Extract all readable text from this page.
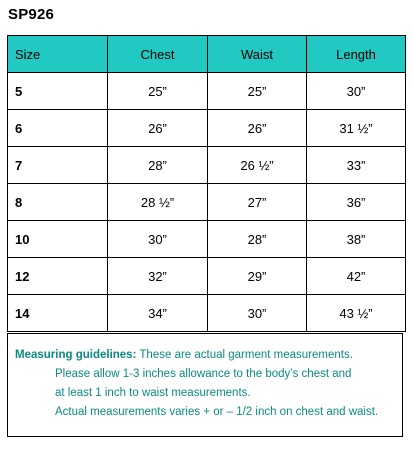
SP926
Size	Chest	Waist	Length
5	25”	25”	30”
6	26”	26”	31 ½”
7	28”	26 ½”	33”
8	28 ½”	27”	36”
10	30”	28”	38”
12	32”	29”	42”
14	34”	30”	43 ½”
Measuring guidelines: These are actual garment measurements.
Please allow 1-3 inches allowance to the body’s chest and
at least 1 inch to waist measurements.
Actual measurements varies + or – 1/2 inch on chest and waist.
